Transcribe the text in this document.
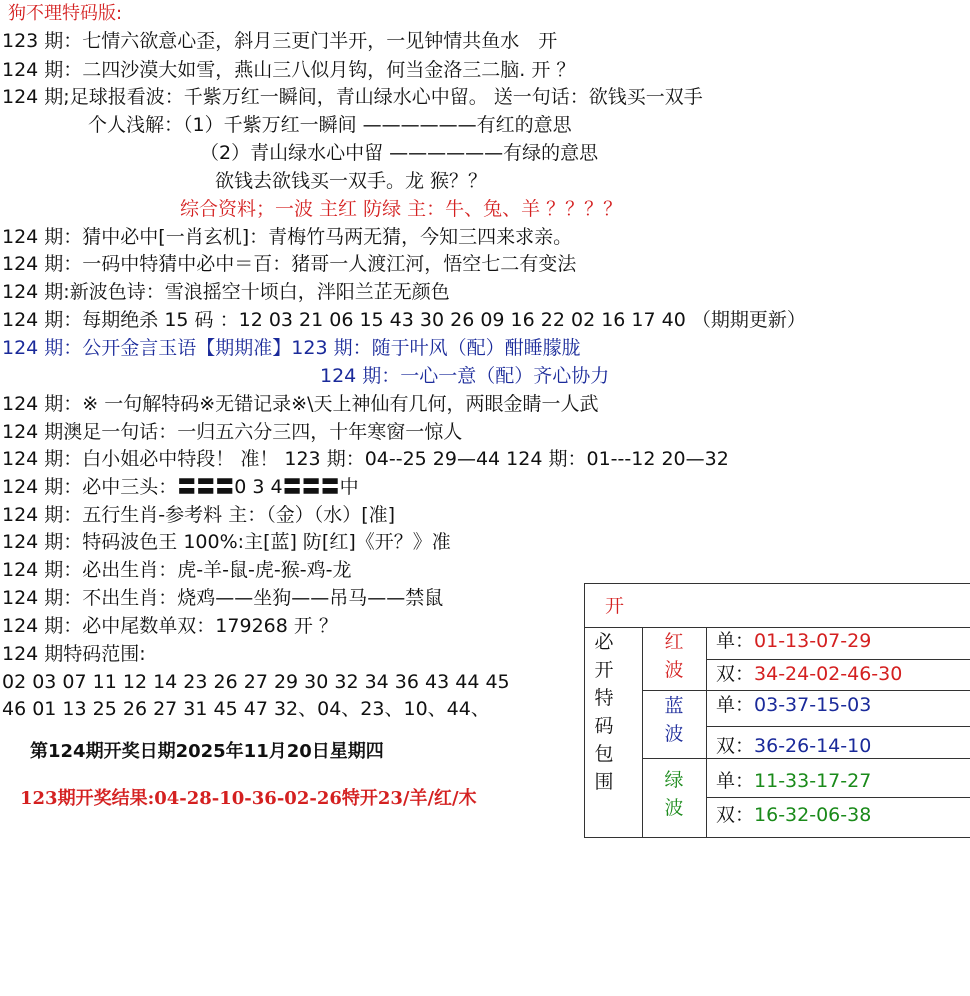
狗不理特码版:
123 期：七情六欲意心歪，斜月三更门半开，一见钟情共鱼水　开
124 期：二四沙漠大如雪，燕山三八似月钩，何当金洛三二脑. 开 ？
124 期;足球报看波：千紫万红一瞬间，青山绿水心中留。 送一句话：欲钱买一双手
个人浅解：（1）千紫万红一瞬间 ——————有红的意思
（2）青山绿水心中留 ——————有绿的意思
欲钱去欲钱买一双手。龙 猴？？
综合资料；一波 主红 防绿 主：牛、兔、羊 ？？？？
124 期：猜中必中[一肖玄机]：青梅竹马两无猜，今知三四来求亲。
124 期：一码中特猜中必中＝百：猪哥一人渡江河，悟空七二有变法
124 期:新波色诗：雪浪摇空十顷白，泮阳兰芷无颜色
124 期：每期绝杀 15 码 ：12 03 21 06 15 43 30 26 09 16 22 02 16 17 40 （期期更新）
124 期：公开金言玉语【期期准】123 期：随于叶风（配）酣睡朦胧
124 期：一心一意（配）齐心协力
124 期：※ 一句解特码※无错记录※\天上神仙有几何，两眼金睛一人武
124 期澳足一句话：一归五六分三四，十年寒窗一惊人
124 期：白小姐必中特段！ 准！ 123 期：04--25 29—44 124 期：01---12 20—32
124 期：必中三头：〓〓〓0 3 4〓〓〓中
124 期：五行生肖-参考料 主：（金）（水）[准]
124 期：特码波色王 100%:主[蓝] 防[红]《开？》准
124 期：必出生肖：虎-羊-鼠-虎-猴-鸡-龙
124 期：不出生肖：烧鸡——坐狗——吊马——禁鼠
124 期：必中尾数单双：179268 开 ？
124 期特码范围:
02 03 07 11 12 14 23 26 27 29 30 32 34 36 43 44 45
46 01 13 25 26 27 31 45 47 32、04、23、10、44、
第124期开奖日期2025年11月20日星期四
123期开奖结果:04-28-10-36-02-26特开23/羊/红/木
开
必
开
特
码
包
围
红
波
单：01-13-07-29
双：34-24-02-46-30
蓝
波
单：03-37-15-03
双：36-26-14-10
绿
波
单：11-33-17-27
双：16-32-06-38
